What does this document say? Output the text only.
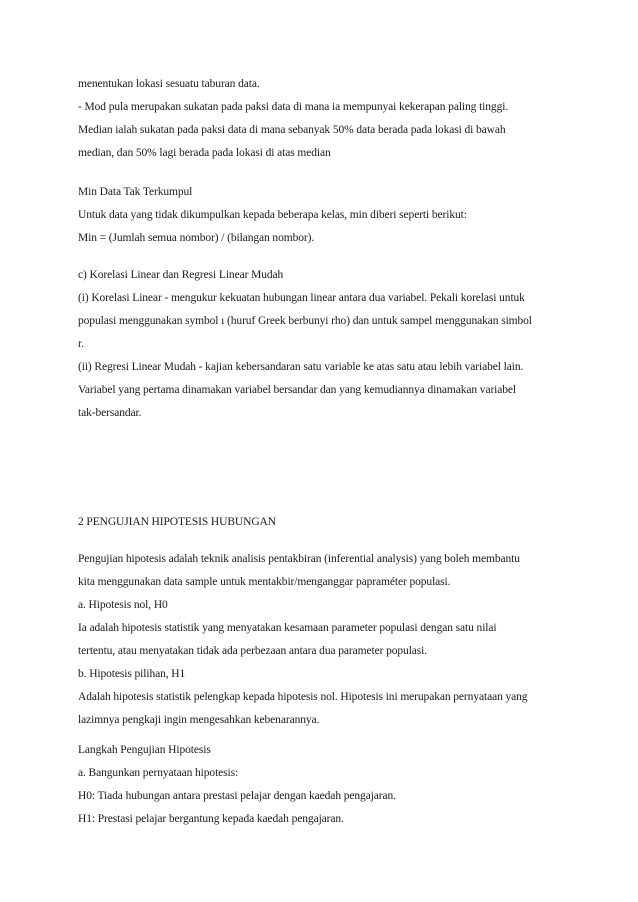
menentukan lokasi sesuatu taburan data.
- Mod pula merupakan sukatan pada paksi data di mana ia mempunyai kekerapan paling tinggi.
Median ialah sukatan pada paksi data di mana sebanyak 50% data berada pada lokasi di bawah
median, dan 50% lagi berada pada lokasi di atas median
Min Data Tak Terkumpul
Untuk data yang tidak dikumpulkan kepada beberapa kelas, min diberi seperti berikut:
Min = (Jumlah semua nombor) / (bilangan nombor).
c) Korelasi Linear dan Regresi Linear Mudah
(i) Korelasi Linear - mengukur kekuatan hubungan linear antara dua variabel. Pekali korelasi untuk
populasi menggunakan symbol ı (huruf Greek berbunyi rho) dan untuk sampel menggunakan simbol
r.
(ii) Regresi Linear Mudah - kajian kebersandaran satu variable ke atas satu atau lebih variabel lain.
Variabel yang pertama dinamakan variabel bersandar dan yang kemudiannya dinamakan variabel
tak-bersandar.
2 PENGUJIAN HIPOTESIS HUBUNGAN
Pengujian hipotesis adalah teknik analisis pentakbiran (inferential analysis) yang boleh membantu
kita menggunakan data sample untuk mentakbir/menganggar papraméter populasi.
a. Hipotesis nol, H0
Ia adalah hipotesis statistik yang menyatakan kesamaan parameter populasi dengan satu nilai
tertentu, atau menyatakan tidak ada perbezaan antara dua parameter populasi.
b. Hipotesis pilihan, H1
Adalah hipotesis statistik pelengkap kepada hipotesis nol. Hipotesis ini merupakan pernyataan yang
lazimnya pengkaji ingin mengesahkan kebenarannya.
Langkah Pengujian Hipotesis
a. Bangunkan pernyataan hipotesis:
H0: Tiada hubungan antara prestasi pelajar dengan kaedah pengajaran.
H1: Prestasi pelajar bergantung kepada kaedah pengajaran.
